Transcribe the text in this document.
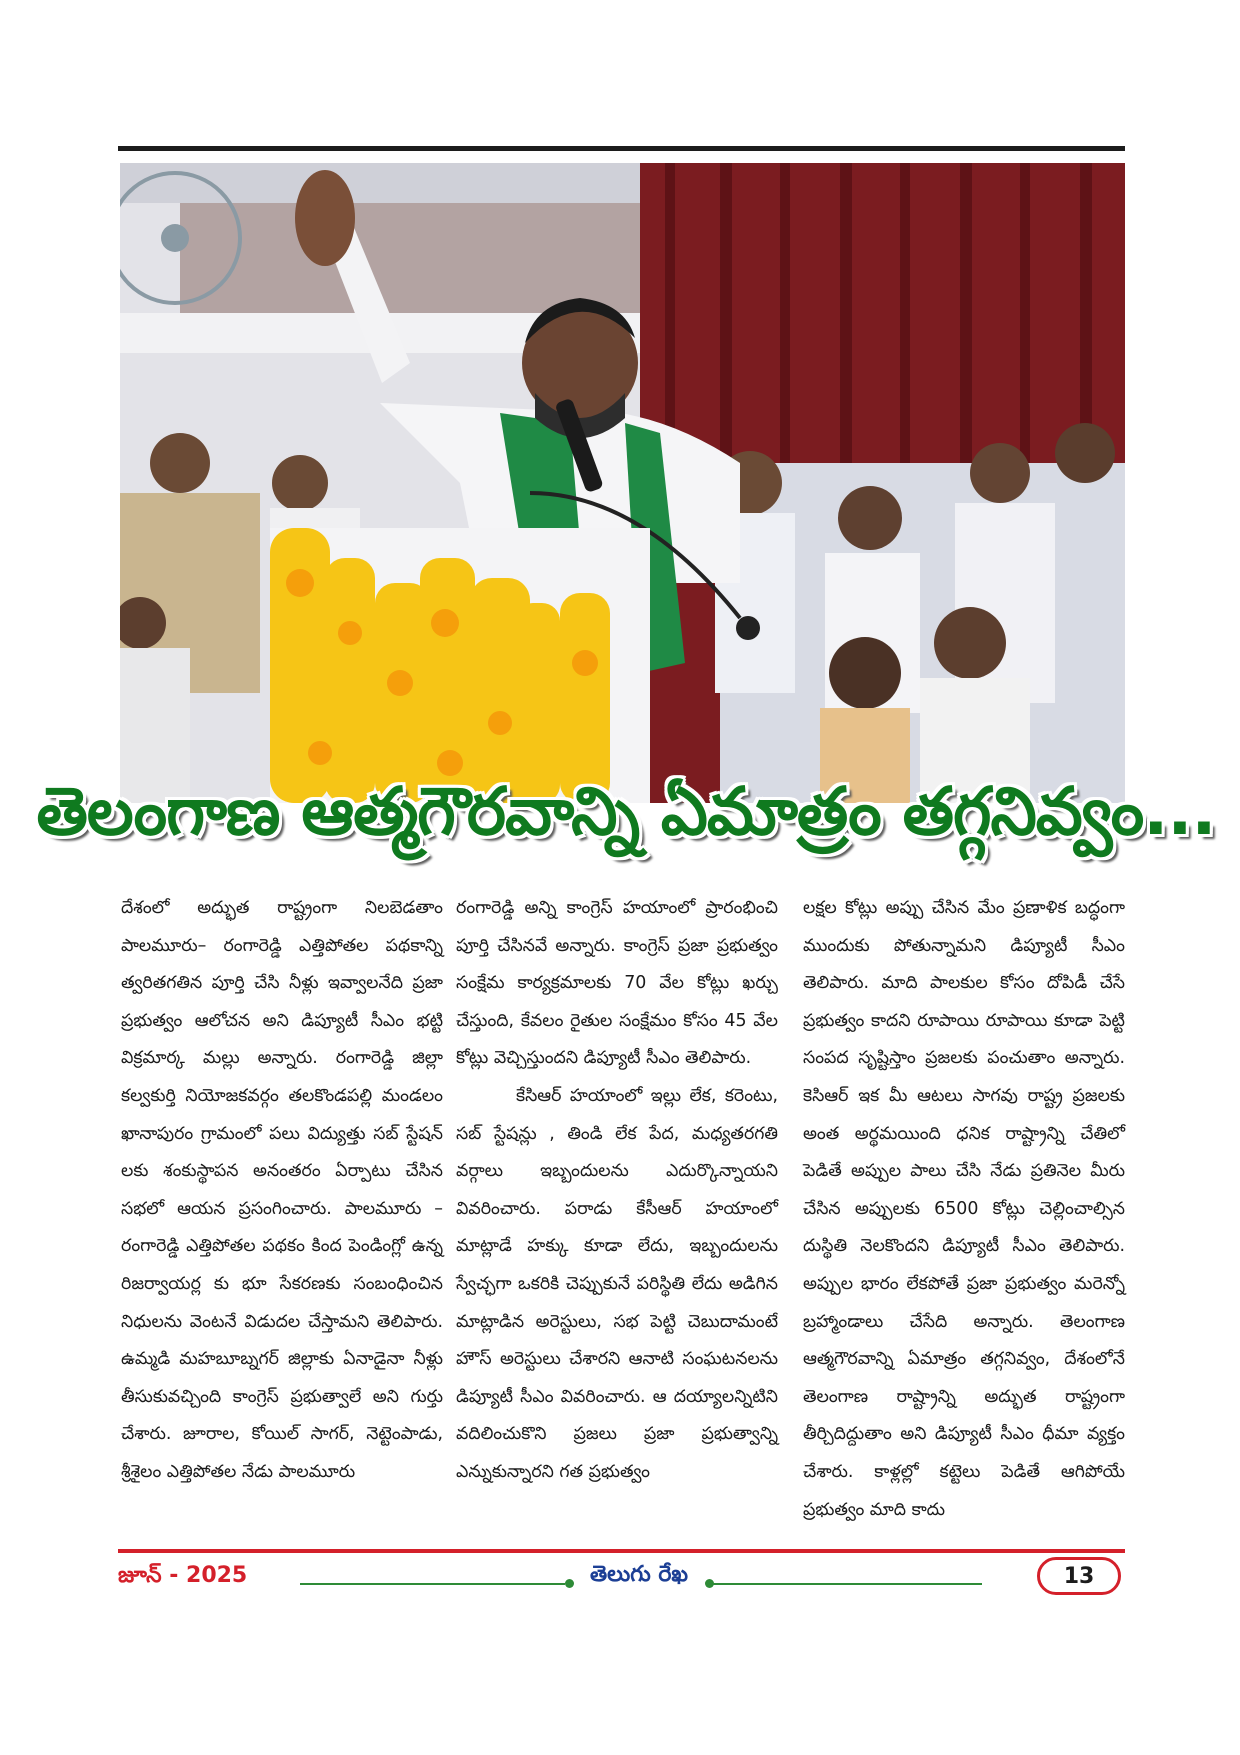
తెలంగాణ ఆత్మగౌరవాన్ని ఏమాత్రం తగ్గనివ్వం...

దేశంలో అద్భుత రాష్ట్రంగా నిలబెడతాం పాలమూరు– రంగారెడ్డి ఎత్తిపోతల పథకాన్ని త్వరితగతిన పూర్తి చేసి నీళ్లు ఇవ్వాలనేది ప్రజా ప్రభుత్వం ఆలోచన అని డిప్యూటీ సీఎం భట్టి విక్రమార్క మల్లు అన్నారు. రంగారెడ్డి జిల్లా కల్వకుర్తి నియోజకవర్గం తలకొండపల్లి మండలం ఖానాపురం గ్రామంలో పలు విద్యుత్తు సబ్ స్టేషన్ లకు శంకుస్థాపన అనంతరం ఏర్పాటు చేసిన సభలో ఆయన ప్రసంగించారు. పాలమూరు – రంగారెడ్డి ఎత్తిపోతల పథకం కింద పెండింగ్లో ఉన్న రిజర్వాయర్ల కు భూ సేకరణకు సంబంధించిన నిధులను వెంటనే విడుదల చేస్తామని తెలిపారు. ఉమ్మడి మహబూబ్నగర్ జిల్లాకు ఏనాడైనా నీళ్లు తీసుకువచ్చింది కాంగ్రెస్ ప్రభుత్వాలే అని గుర్తు చేశారు. జూరాల, కోయిల్ సాగర్, నెట్టెంపాడు, శ్రీశైలం ఎత్తిపోతల నేడు పాలమూరు

రంగారెడ్డి అన్ని కాంగ్రెస్ హయాంలో ప్రారంభించి పూర్తి చేసినవే అన్నారు. కాంగ్రెస్ ప్రజా ప్రభుత్వం సంక్షేమ కార్యక్రమాలకు 70 వేల కోట్లు ఖర్చు చేస్తుంది, కేవలం రైతుల సంక్షేమం కోసం 45 వేల కోట్లు వెచ్చిస్తుందని డిప్యూటీ సీఎం తెలిపారు.

కేసిఆర్ హయాంలో ఇల్లు లేక, కరెంటు, సబ్ స్టేషన్లు , తిండి లేక పేద, మధ్యతరగతి వర్గాలు ఇబ్బందులను ఎదుర్కొన్నాయని వివరించారు. పరాడు కేసీఆర్ హయాంలో మాట్లాడే హక్కు కూడా లేదు, ఇబ్బందులను స్వేచ్ఛగా ఒకరికి చెప్పుకునే పరిస్థితి లేదు అడిగిన మాట్లాడిన అరెస్టులు, సభ పెట్టి చెబుదామంటే హౌస్ అరెస్టులు చేశారని ఆనాటి సంఘటనలను డిప్యూటీ సీఎం వివరించారు. ఆ దయ్యాలన్నిటిని వదిలించుకొని ప్రజలు ప్రజా ప్రభుత్వాన్ని ఎన్నుకున్నారని గత ప్రభుత్వం

లక్షల కోట్లు అప్పు చేసిన మేం ప్రణాళిక బద్ధంగా ముందుకు పోతున్నామని డిప్యూటీ సీఎం తెలిపారు. మాది పాలకుల కోసం దోపిడీ చేసే ప్రభుత్వం కాదని రూపాయి రూపాయి కూడా పెట్టి సంపద సృష్టిస్తాం ప్రజలకు పంచుతాం అన్నారు. కెసిఆర్ ఇక మీ ఆటలు సాగవు రాష్ట్ర ప్రజలకు అంత అర్థమయింది ధనిక రాష్ట్రాన్ని చేతిలో పెడితే అప్పుల పాలు చేసి నేడు ప్రతినెల మీరు చేసిన అప్పులకు 6500 కోట్లు చెల్లించాల్సిన దుస్థితి నెలకొందని డిప్యూటీ సీఎం తెలిపారు. అప్పుల భారం లేకపోతే ప్రజా ప్రభుత్వం మరెన్నో బ్రహ్మాండాలు చేసేది అన్నారు. తెలంగాణ ఆత్మగౌరవాన్ని ఏమాత్రం తగ్గనివ్వం, దేశంలోనే తెలంగాణ రాష్ట్రాన్ని అద్భుత రాష్ట్రంగా తీర్చిదిద్దుతాం అని డిప్యూటీ సీఎం ధీమా వ్యక్తం చేశారు. కాళ్లల్లో కట్టెలు పెడితే ఆగిపోయే ప్రభుత్వం మాది కాదు

జూన్ - 2025	తెలుగు రేఖ	13
